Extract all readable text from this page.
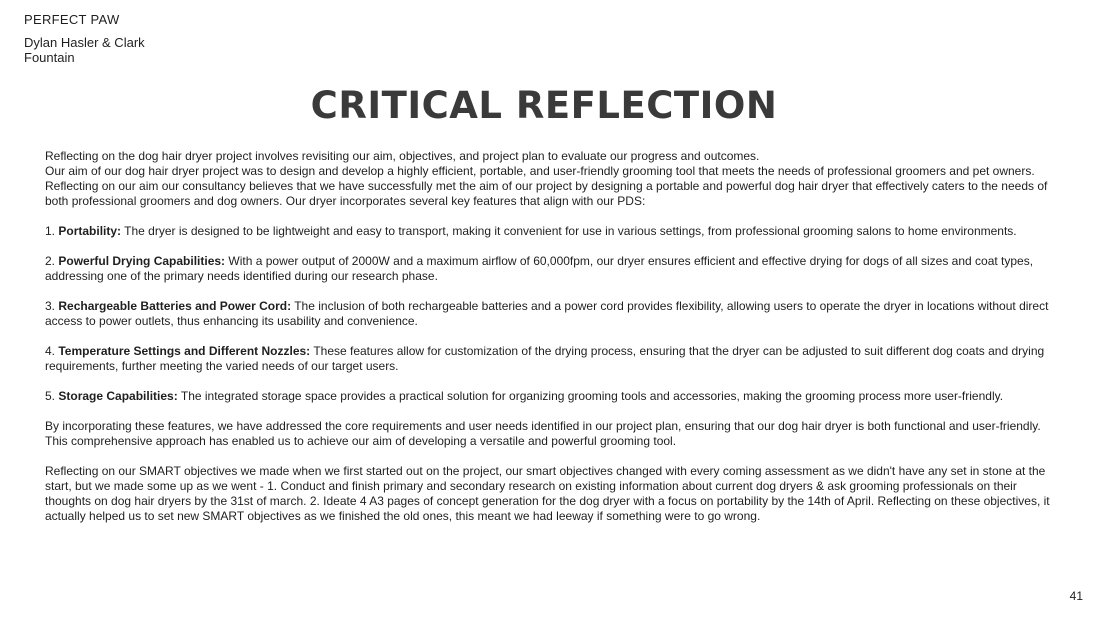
PERFECT PAW
Dylan Hasler & Clark Fountain
CRITICAL REFLECTION

Reflecting on the dog hair dryer project involves revisiting our aim, objectives, and project plan to evaluate our progress and outcomes.

Our aim of our dog hair dryer project was to design and develop a highly efficient, portable, and user-friendly grooming tool that meets the needs of professional groomers and pet owners. Reflecting on our aim our consultancy believes that we have successfully met the aim of our project by designing a portable and powerful dog hair dryer that effectively caters to the needs of both professional groomers and dog owners. Our dryer incorporates several key features that align with our PDS:

1. Portability: The dryer is designed to be lightweight and easy to transport, making it convenient for use in various settings, from professional grooming salons to home environments.

2. Powerful Drying Capabilities: With a power output of 2000W and a maximum airflow of 60,000fpm, our dryer ensures efficient and effective drying for dogs of all sizes and coat types, addressing one of the primary needs identified during our research phase.

3. Rechargeable Batteries and Power Cord: The inclusion of both rechargeable batteries and a power cord provides flexibility, allowing users to operate the dryer in locations without direct access to power outlets, thus enhancing its usability and convenience.

4. Temperature Settings and Different Nozzles: These features allow for customization of the drying process, ensuring that the dryer can be adjusted to suit different dog coats and drying requirements, further meeting the varied needs of our target users.

5. Storage Capabilities: The integrated storage space provides a practical solution for organizing grooming tools and accessories, making the grooming process more user-friendly.

By incorporating these features, we have addressed the core requirements and user needs identified in our project plan, ensuring that our dog hair dryer is both functional and user-friendly. This comprehensive approach has enabled us to achieve our aim of developing a versatile and powerful grooming tool.

Reflecting on our SMART objectives we made when we first started out on the project, our smart objectives changed with every coming assessment as we didn't have any set in stone at the start, but we made some up as we went - 1. Conduct and finish primary and secondary research on existing information about current dog dryers & ask grooming professionals on their thoughts on dog hair dryers by the 31st of march. 2. Ideate 4 A3 pages of concept generation for the dog dryer with a focus on portability by the 14th of April. Reflecting on these objectives, it actually helped us to set new SMART objectives as we finished the old ones, this meant we had leeway if something were to go wrong.

41
